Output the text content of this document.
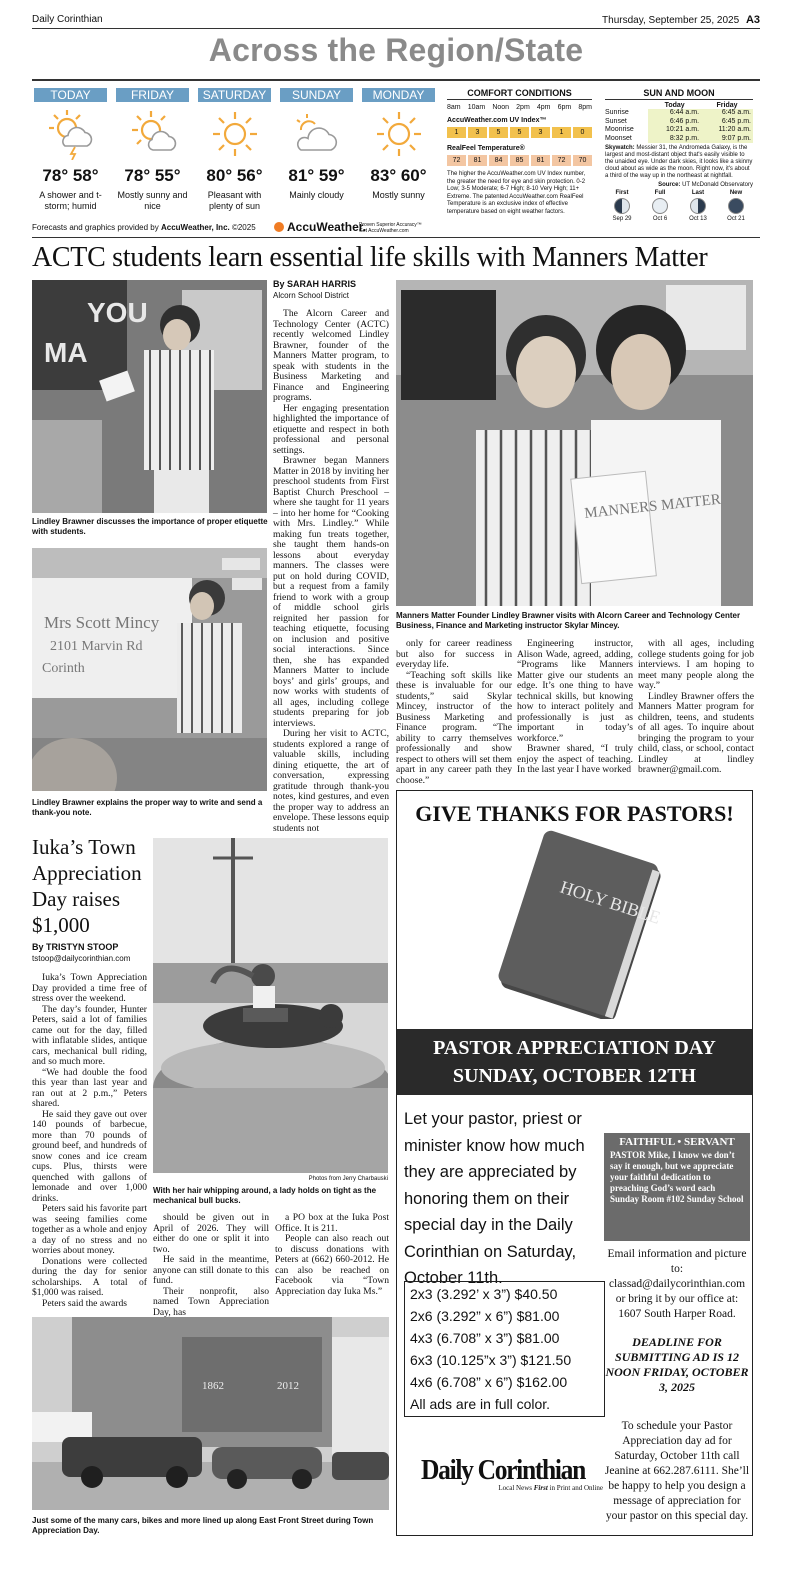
Daily Corinthian	Thursday, September 25, 2025 A3
Across the Region/State
TODAY
78° 58°
A shower and t-storm; humid
FRIDAY
78° 55°
Mostly sunny and nice
SATURDAY
80° 56°
Pleasant with plenty of sun
SUNDAY
81° 59°
Mainly cloudy
MONDAY
83° 60°
Mostly sunny
Forecasts and graphics provided by AccuWeather, Inc. ©2025	AccuWeather.
Proven Superior Accuracy™ Get AccuWeather.com
COMFORT CONDITIONS
8am 10am Noon 2pm 4pm 6pm 8pm
AccuWeather.com UV Index™
1	3	5	5	3	1	0
RealFeel Temperature®
72	81	84	85	81	72	70
The higher the AccuWeather.com UV Index number, the greater the need for eye and skin protection. 0-2 Low; 3-5 Moderate; 6-7 High; 8-10 Very High; 11+ Extreme. The patented AccuWeather.com RealFeel Temperature is an exclusive index of effective temperature based on eight weather factors.
SUN AND MOON
	Today	Friday
Sunrise	6:44 a.m.	6:45 a.m.
Sunset	6:46 p.m.	6:45 p.m.
Moonrise	10:21 a.m.	11:20 a.m.
Moonset	8:32 p.m.	9:07 p.m.
Skywatch: Messier 31, the Andromeda Galaxy, is the largest and most-distant object that's easily visible to the unaided eye. Under dark skies, it looks like a skinny cloud about as wide as the moon. Right now, it's about a third of the way up in the northeast at nightfall.
Source: UT McDonald Observatory
First
Sep 29
Full
Oct 6
Last
Oct 13
New
Oct 21
ACTC students learn essential life skills with Manners Matter
YOU
MA
Lindley Brawner discusses the importance of proper etiquette with students.
Mrs Scott Mincy
2101 Marvin Rd
Corinth
Lindley Brawner explains the proper way to write and send a thank-you note.
By SARAH HARRIS
Alcorn School District

The Alcorn Career and Technology Center (ACTC) recently welcomed Lindley Brawner, founder of the Manners Matter program, to speak with students in the Business Marketing and Finance and Engineering programs.

Her engaging presentation highlighted the importance of etiquette and respect in both professional and personal settings.

Brawner began Manners Matter in 2018 by inviting her preschool students from First Baptist Church Preschool – where she taught for 11 years – into her home for “Cooking with Mrs. Lindley.” While making fun treats together, she taught them hands-on lessons about everyday manners. The classes were put on hold during COVID, but a request from a family friend to work with a group of middle school girls reignited her passion for teaching etiquette, focusing on inclusion and positive social interactions. Since then, she has expanded Manners Matter to include boys’ and girls’ groups, and now works with students of all ages, including college students preparing for job interviews.

During her visit to ACTC, students explored a range of valuable skills, including dining etiquette, the art of conversation, expressing gratitude through thank-you notes, kind gestures, and even the proper way to address an envelope. These lessons equip students not

MANNERS MATTER
Manners Matter Founder Lindley Brawner visits with Alcorn Career and Technology Center Business, Finance and Marketing instructor Skylar Mincey.

only for career readiness but also for success in everyday life.

“Teaching soft skills like these is invaluable for our students,” said Skylar Mincey, instructor of the Business Marketing and Finance program. “The ability to carry themselves professionally and show respect to others will set them apart in any career path they choose.”

Engineering instructor, Alison Wade, agreed, adding, “Programs like Manners Matter give our students an edge. It’s one thing to have technical skills, but knowing how to interact politely and professionally is just as important in today’s workforce.”

Brawner shared, “I truly enjoy the aspect of teaching. In the last year I have worked

with all ages, including college students going for job interviews. I am hoping to meet many people along the way.”

Lindley Brawner offers the Manners Matter program for children, teens, and students of all ages. To inquire about bringing the program to your child, class, or school, contact Lindley at lindley brawner@gmail.com.

Iuka’s Town Appreciation Day raises $1,000
By TRISTYN STOOP
tstoop@dailycorinthian.com

Iuka’s Town Appreciation Day provided a time free of stress over the weekend.

The day’s founder, Hunter Peters, said a lot of families came out for the day, filled with inflatable slides, antique cars, mechanical bull riding, and so much more.

“We had double the food this year than last year and ran out at 2 p.m.,” Peters shared.

He said they gave out over 140 pounds of barbecue, more than 70 pounds of ground beef, and hundreds of snow cones and ice cream cups. Plus, thirsts were quenched with gallons of lemonade and over 1,000 drinks.

Peters said his favorite part was seeing families come together as a whole and enjoy a day of no stress and no worries about money.

Donations were collected during the day for senior scholarships. A total of $1,000 was raised.

Peters said the awards

Photos from Jerry Charbauski
With her hair whipping around, a lady holds on tight as the mechanical bull bucks.

should be given out in April of 2026. They will either do one or split it into two.

He said in the meantime, anyone can still donate to this fund.

Their nonprofit, also named Town Appreciation Day, has

a PO box at the Iuka Post Office. It is 211.

People can also reach out to discuss donations with Peters at (662) 660-2012. He can also be reached on Facebook via “Town Appreciation day Iuka Ms.”

1862	2012
Just some of the many cars, bikes and more lined up along East Front Street during Town Appreciation Day.
GIVE THANKS FOR PASTORS!
HOLY BIBLE
PASTOR APPRECIATION DAY
SUNDAY, OCTOBER 12TH
Let your pastor, priest or minister know how much they are appreciated by honoring them on their special day in the Daily Corinthian on Saturday, October 11th.
2x3 (3.292’ x 3”) $40.50
2x6 (3.292” x 6”) $81.00
4x3 (6.708” x 3”) $81.00
6x3 (10.125”x 3”) $121.50
4x6 (6.708” x 6”) $162.00
All ads are in full color.
FAITHFUL • SERVANT
PASTOR Mike, I know we don’t say it enough, but we appreciate your faithful dedication to preaching God’s word each Sunday Room #102 Sunday School
Email information and picture to: classad@dailycorinthian.com or bring it by our office at: 1607 South Harper Road.
DEADLINE FOR SUBMITTING AD IS 12 NOON FRIDAY, OCTOBER 3, 2025
To schedule your Pastor Appreciation day ad for Saturday, October 11th call Jeanine at 662.287.6111. She’ll be happy to help you design a message of appreciation for your pastor on this special day.
Daily Corinthian
Local News First in Print and Online
